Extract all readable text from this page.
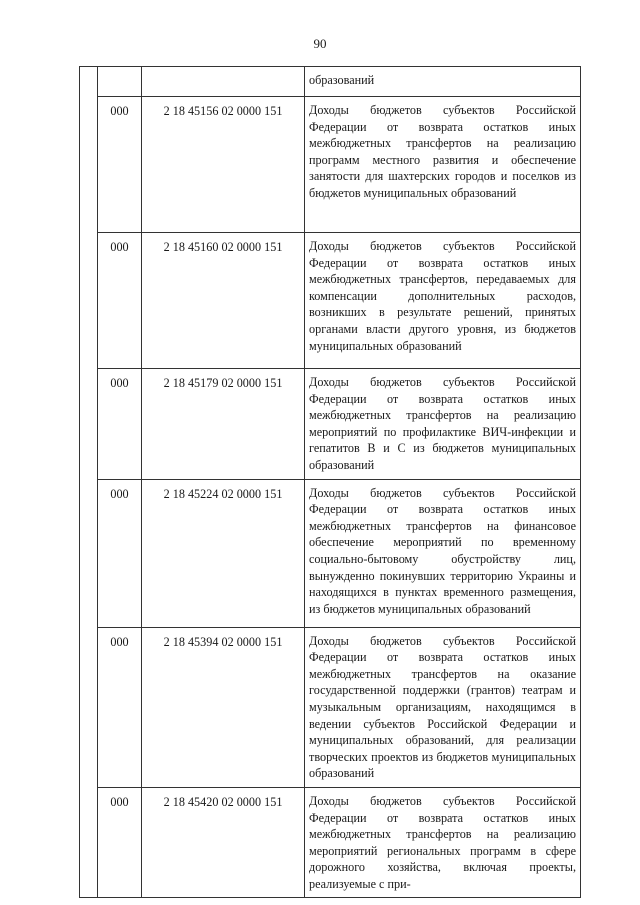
90
			образований
	000	2 18 45156 02 0000 151	Доходы бюджетов субъектов Российской Федерации от возврата остатков иных межбюджетных трансфертов на реализацию программ местного развития и обеспечение занятости для шахтерских городов и поселков из бюджетов муниципальных образований
	000	2 18 45160 02 0000 151	Доходы бюджетов субъектов Российской Федерации от возврата остатков иных межбюджетных трансфертов, передаваемых для компенсации дополнительных расходов, возникших в результате решений, принятых органами власти другого уровня, из бюджетов муниципальных образований
	000	2 18 45179 02 0000 151	Доходы бюджетов субъектов Российской Федерации от возврата остатков иных межбюджетных трансфертов на реализацию мероприятий по профилактике ВИЧ-инфекции и гепатитов В и С из бюджетов муниципальных образований
	000	2 18 45224 02 0000 151	Доходы бюджетов субъектов Российской Федерации от возврата остатков иных межбюджетных трансфертов на финансовое обеспечение мероприятий по временному социально-бытовому обустройству лиц, вынужденно покинувших территорию Украины и находящихся в пунктах временного размещения, из бюджетов муниципальных образований
	000	2 18 45394 02 0000 151	Доходы бюджетов субъектов Российской Федерации от возврата остатков иных межбюджетных трансфертов на оказание государственной поддержки (грантов) театрам и музыкальным организациям, находящимся в ведении субъектов Российской Федерации и муниципальных образований, для реализации творческих проектов из бюджетов муниципальных образований
	000	2 18 45420 02 0000 151	Доходы бюджетов субъектов Российской Федерации от возврата остатков иных межбюджетных трансфертов на реализацию мероприятий региональных программ в сфере дорожного хозяйства, включая проекты, реализуемые с при-
